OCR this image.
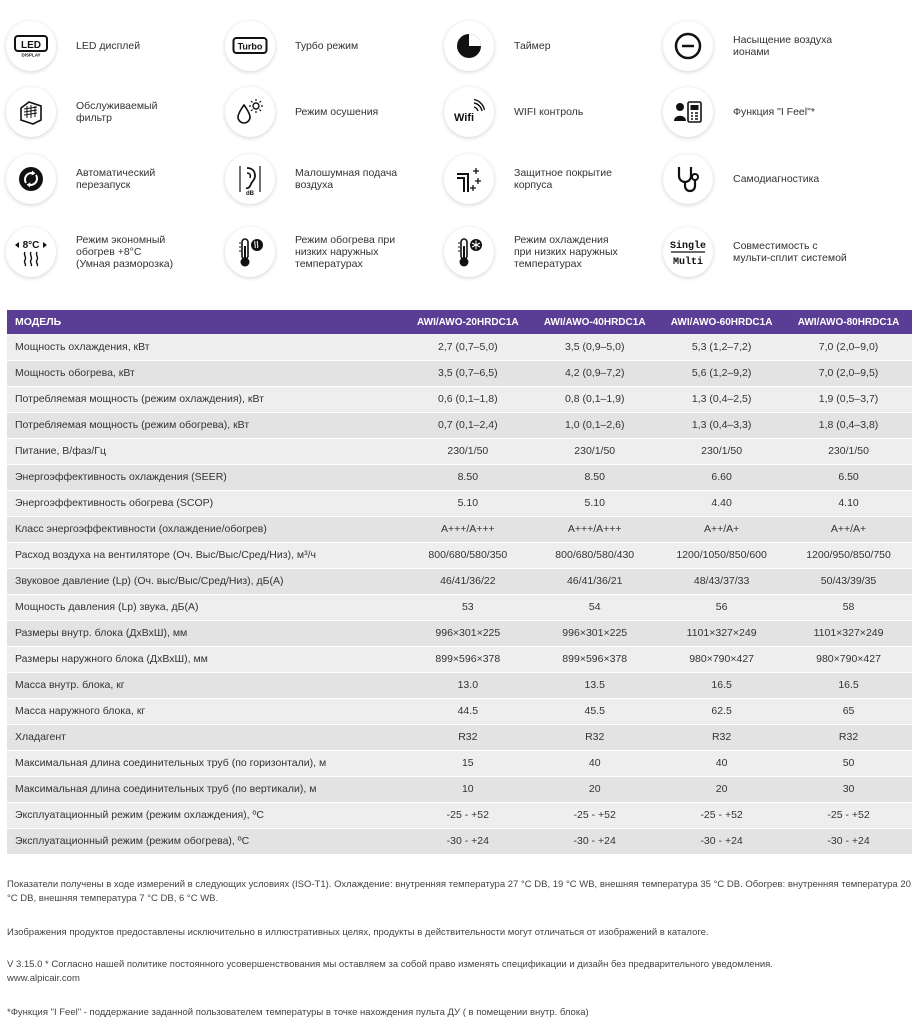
LED
DISPLAY
LED дисплей	Turbo	Турбо режим	Таймер	Насыщение воздуха
ионами
Обслуживаемый
фильтр	Режим осушения	Wifi	WIFI контроль	Функция "I Feel"*
Автоматический
перезапуск
dB
Малошумная подача
воздуха
Защитное покрытие
корпуса	Самодиагностика
8°C	Режим экономный
обогрев +8°C
(Умная разморозка)
Режим обогрева при
низких наружных
температурах
Режим охлаждения
при низких наружных
температурах
Single
Multi
Совместимость с
мульти-сплит системой
МОДЕЛЬ	AWI/AWO-20HRDC1A	AWI/AWO-40HRDC1A	AWI/AWO-60HRDC1A	AWI/AWO-80HRDC1A
Мощность охлаждения, кВт	2,7 (0,7–5,0)	3,5 (0,9–5,0)	5,3 (1,2–7,2)	7,0 (2,0–9,0)
Мощность обогрева, кВт	3,5 (0,7–6,5)	4,2 (0,9–7,2)	5,6 (1,2–9,2)	7,0 (2,0–9,5)
Потребляемая мощность (режим охлаждения), кВт	0,6 (0,1–1,8)	0,8 (0,1–1,9)	1,3 (0,4–2,5)	1,9 (0,5–3,7)
Потребляемая мощность (режим обогрева), кВт	0,7 (0,1–2,4)	1,0 (0,1–2,6)	1,3 (0,4–3,3)	1,8 (0,4–3,8)
Питание, В/фаз/Гц	230/1/50	230/1/50	230/1/50	230/1/50
Энергоэффективность охлаждения (SEER)	8.50	8.50	6.60	6.50
Энергоэффективность обогрева (SCOP)	5.10	5.10	4.40	4.10
Класс энергоэффективности (охлаждение/обогрев)	A+++/A+++	A+++/A+++	A++/A+	A++/A+
Расход воздуха на вентиляторе (Оч. Выс/Выс/Сред/Низ), м³/ч	800/680/580/350	800/680/580/430	1200/1050/850/600	1200/950/850/750
Звуковое давление (Lp) (Оч. выс/Выс/Сред/Низ), дБ(А)	46/41/36/22	46/41/36/21	48/43/37/33	50/43/39/35
Мощность давления (Lp) звука, дБ(А)	53	54	56	58
Размеры внутр. блока (ДхВхШ), мм	996×301×225	996×301×225	1101×327×249	1101×327×249
Размеры наружного блока (ДхВхШ), мм	899×596×378	899×596×378	980×790×427	980×790×427
Масса внутр. блока, кг	13.0	13.5	16.5	16.5
Масса наружного блока, кг	44.5	45.5	62.5	65
Хладагент	R32	R32	R32	R32
Максимальная длина соединительных труб (по горизонтали), м	15	40	40	50
Максимальная длина соединительных труб (по вертикали), м	10	20	20	30
Эксплуатационный режим (режим охлаждения), ºС	-25 - +52	-25 - +52	-25 - +52	-25 - +52
Эксплуатационный режим (режим обогрева), ºС	-30 - +24	-30 - +24	-30 - +24	-30 - +24
Показатели получены в ходе измерений в следующих условиях (ISO-T1). Охлаждение: внутренняя температура 27 °C DB, 19 °C WB, внешняя температура 35 °C DB. Обогрев: внутренняя температура 20 °C DB, внешняя температура 7 °C DB, 6 °C WB.
Изображения продуктов предоставлены исключительно в иллюстративных целях, продукты в действительности могут отличаться от изображений в каталоге.
V 3.15.0 * Согласно нашей политике постоянного усовершенствования мы оставляем за собой право изменять спецификации и дизайн без предварительного уведомления.
www.alpicair.com
*Функция "I Feel" - поддержание заданной пользователем температуры в точке нахождения пульта ДУ ( в помещении внутр. блока)
